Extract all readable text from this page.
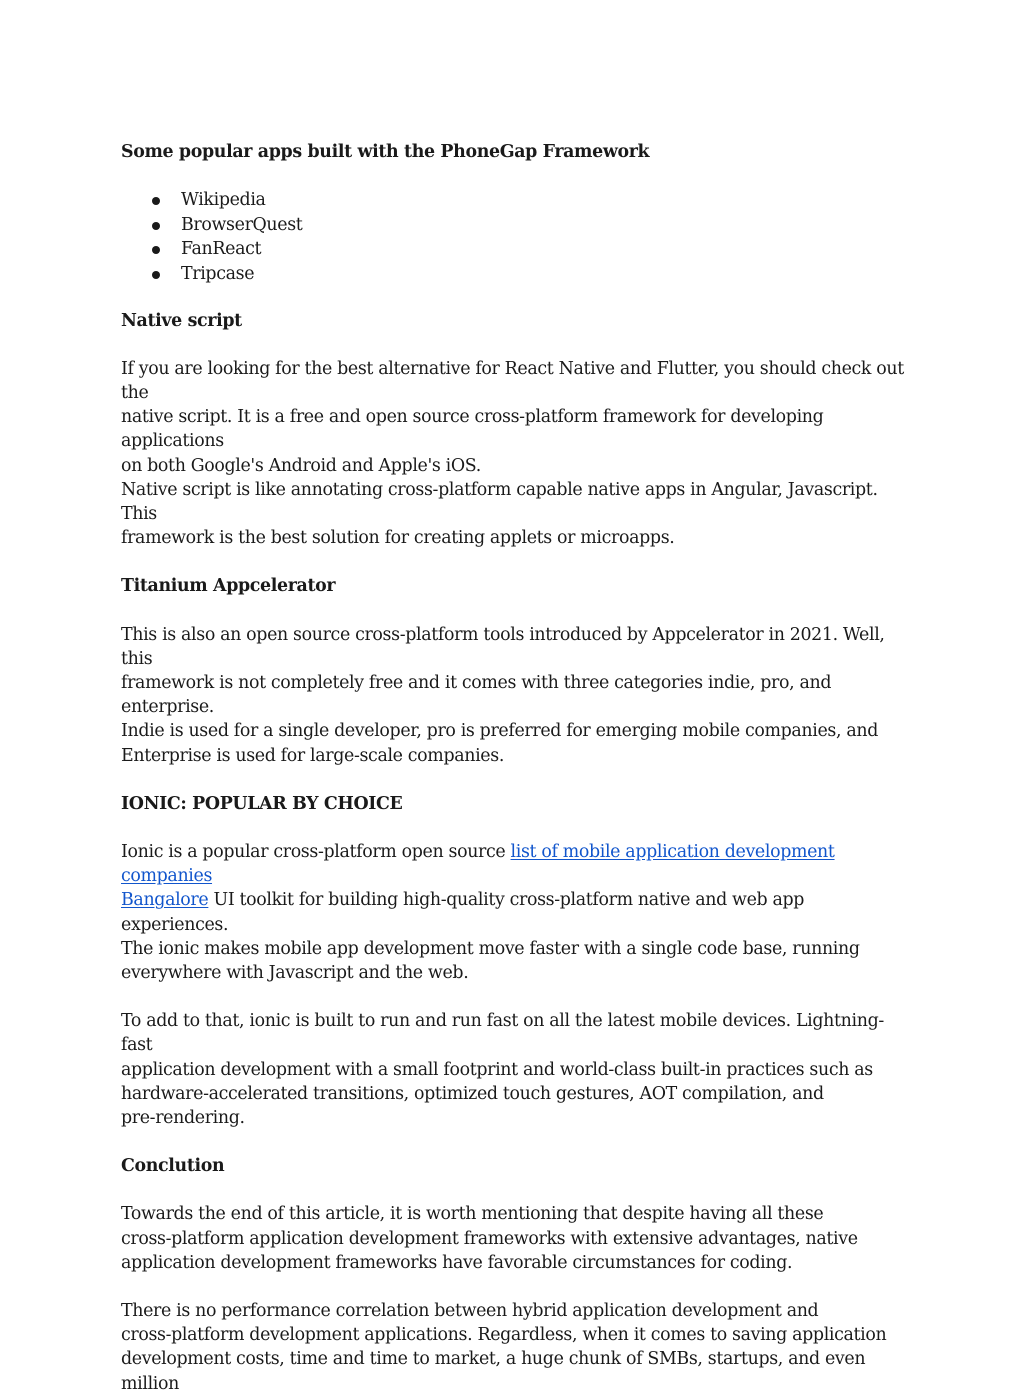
Some popular apps built with the PhoneGap Framework

Wikipedia
BrowserQuest
FanReact
Tripcase

Native script

If you are looking for the best alternative for React Native and Flutter, you should check out the
native script. It is a free and open source cross-platform framework for developing applications
on both Google's Android and Apple's iOS.
Native script is like annotating cross-platform capable native apps in Angular, Javascript. This
framework is the best solution for creating applets or microapps.

Titanium Appcelerator

This is also an open source cross-platform tools introduced by Appcelerator in 2021. Well, this
framework is not completely free and it comes with three categories indie, pro, and enterprise.
Indie is used for a single developer, pro is preferred for emerging mobile companies, and
Enterprise is used for large-scale companies.

IONIC: POPULAR BY CHOICE

Ionic is a popular cross-platform open source list of mobile application development companies
Bangalore UI toolkit for building high-quality cross-platform native and web app experiences.
The ionic makes mobile app development move faster with a single code base, running
everywhere with Javascript and the web.

To add to that, ionic is built to run and run fast on all the latest mobile devices. Lightning-fast
application development with a small footprint and world-class built-in practices such as
hardware-accelerated transitions, optimized touch gestures, AOT compilation, and
pre-rendering.

Conclution

Towards the end of this article, it is worth mentioning that despite having all these
cross-platform application development frameworks with extensive advantages, native
application development frameworks have favorable circumstances for coding.

There is no performance correlation between hybrid application development and
cross-platform development applications. Regardless, when it comes to saving application
development costs, time and time to market, a huge chunk of SMBs, startups, and even million
